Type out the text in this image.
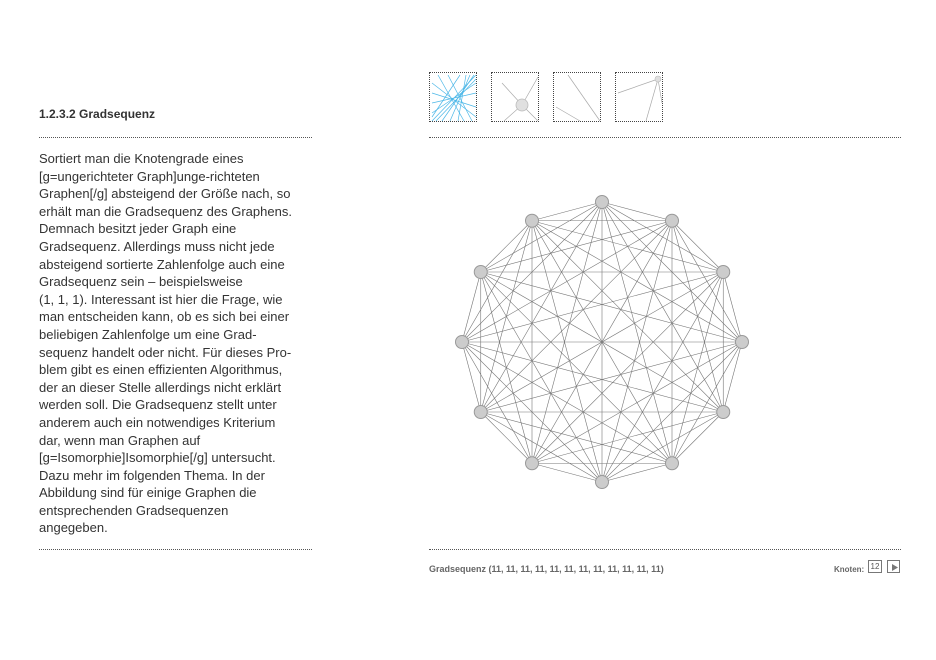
1.2.3.2 Gradsequenz
Sortiert man die Knotengrade eines
[g=ungerichteter Graph]unge-richteten
Graphen[/g] absteigend der Größe nach, so
erhält man die Gradsequenz des Graphens.
Demnach besitzt jeder Graph eine
Gradsequenz. Allerdings muss nicht jede
absteigend sortierte Zahlenfolge auch eine
Gradsequenz sein – beispielsweise
(1, 1, 1). Interessant ist hier die Frage, wie
man entscheiden kann, ob es sich bei einer
beliebigen Zahlenfolge um eine Grad-
sequenz handelt oder nicht. Für dieses Pro-
blem gibt es einen effizienten Algorithmus,
der an dieser Stelle allerdings nicht erklärt
werden soll. Die Gradsequenz stellt unter
anderem auch ein notwendiges Kriterium
dar, wenn man Graphen auf
[g=Isomorphie]Isomorphie[/g] untersucht.
Dazu mehr im folgenden Thema. In der
Abbildung sind für einige Graphen die
entsprechenden Gradsequenzen
angegeben.
Gradsequenz (11, 11, 11, 11, 11, 11, 11, 11, 11, 11, 11, 11)	Knoten: 12
